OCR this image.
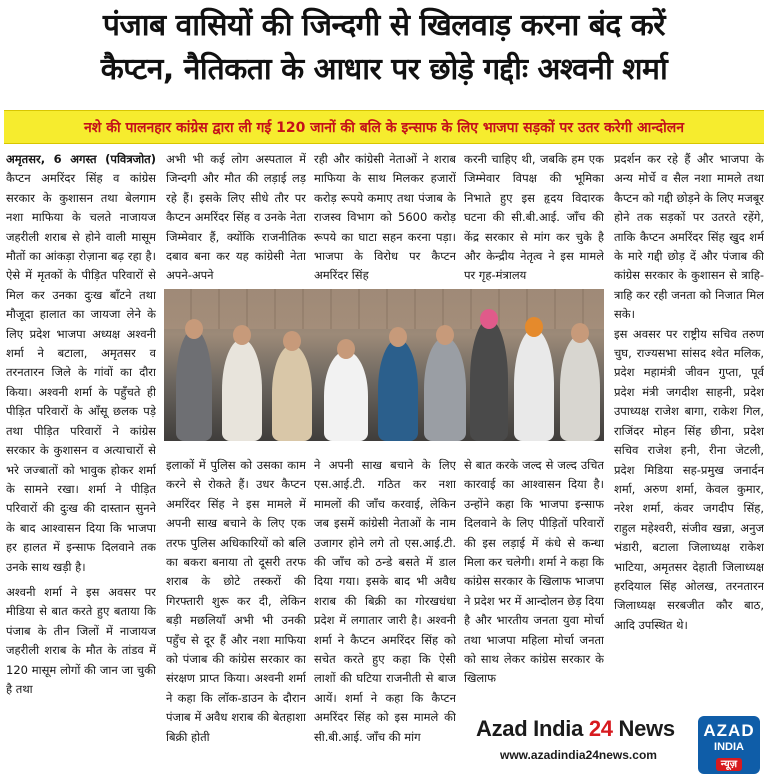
पंजाब वासियों की जिन्दगी से खिलवाड़ करना बंद करें
कैप्टन, नैतिकता के आधार पर छोड़े गद्दीः अश्वनी शर्मा
नशे की पालनहार कांग्रेस द्वारा ली गई 120 जानों की बलि के इन्साफ के लिए भाजपा सड़कों पर उतर करेगी आन्दोलन

अमृतसर, 6 अगस्त (पवित्रजोत) कैप्टन अमरिंदर सिंह व कांग्रेस सरकार के कुशासन तथा बेलगाम नशा माफिया के चलते नाजायज जहरीली शराब से होने वाली मासूम मौतों का आंकड़ा रोज़ाना बढ़ रहा है। ऐसे में मृतकों के पीड़ित परिवारों से मिल कर उनका दुःख बाँटने तथा मौजूदा हालात का जायजा लेने के लिए प्रदेश भाजपा अध्यक्ष अश्वनी शर्मा ने बटाला, अमृतसर व तरनतारन जिले के गांवों का दौरा किया। अश्वनी शर्मा के पहुँचते ही पीड़ित परिवारों के आँसू छलक पड़े तथा पीड़ित परिवारों ने कांग्रेस सरकार के कुशासन व अत्याचारों से भरे जज्बातों को भावुक होकर शर्मा के सामने रखा। शर्मा ने पीड़ित परिवारों की दुःख की दास्तान सुनने के बाद आश्वासन दिया कि भाजपा हर हालत में इन्साफ दिलवाने तक उनके साथ खड़ी है।

अश्वनी शर्मा ने इस अवसर पर मीडिया से बात करते हुए बताया कि पंजाब के तीन जिलों में नाजायज जहरीली शराब के मौत के तांडव में 120 मासूम लोगों की जान जा चुकी है तथा

अभी भी कई लोग अस्पताल में जिन्दगी और मौत की लड़ाई लड़ रहे हैं। इसके लिए सीधे तौर पर कैप्टन अमरिंदर सिंह व उनके नेता जिम्मेवार हैं, क्योंकि राजनीतिक दबाव बना कर यह कांग्रेसी नेता अपने-अपने
रही और कांग्रेसी नेताओं ने शराब माफिया के साथ मिलकर हजारों करोड़ रूपये कमाए तथा पंजाब के राजस्व विभाग को 5600 करोड़ रूपये का घाटा सहन करना पड़ा। भाजपा के विरोध पर कैप्टन अमरिंदर सिंह
करनी चाहिए थी, जबकि हम एक जिम्मेवार विपक्ष की भूमिका निभाते हुए इस हृदय विदारक घटना की सी.बी.आई. जाँच की केंद्र सरकार से मांग कर चुके है और केन्द्रीय नेतृत्व ने इस मामले पर गृह-मंत्रालय
इलाकों में पुलिस को उसका काम करने से रोकते हैं। उधर कैप्टन अमरिंदर सिंह ने इस मामले में अपनी साख बचाने के लिए एक तरफ पुलिस अधिकारियों को बलि का बकरा बनाया तो दूसरी तरफ शराब के छोटे तस्करों की गिरफ्तारी शुरू कर दी, लेकिन बड़ी मछलियाँ अभी भी उनकी पहुँच से दूर हैं और नशा माफिया को पंजाब की कांग्रेस सरकार का संरक्षण प्राप्त किया। अश्वनी शर्मा ने कहा कि लॉक-डाउन के दौरान पंजाब में अवैध शराब की बेतहाशा बिक्री होती
ने अपनी साख बचाने के लिए एस.आई.टी. गठित कर नशा मामलों की जाँच करवाई, लेकिन जब इसमें कांग्रेसी नेताओं के नाम उजागर होने लगे तो एस.आई.टी. की जाँच को ठन्डे बसते में डाल दिया गया। इसके बाद भी अवैध शराब की बिक्री का गोरखधंधा प्रदेश में लगातार जारी है। अश्वनी शर्मा ने कैप्टन अमरिंदर सिंह को सचेत करते हुए कहा कि ऐसी लाशों की घटिया राजनीती से बाज आयें। शर्मा ने कहा कि कैप्टन अमरिंदर सिंह को इस मामले की सी.बी.आई. जाँच की मांग
से बात करके जल्द से जल्द उचित कारवाई का आश्वासन दिया है। उन्होंने कहा कि भाजपा इन्साफ दिलवाने के लिए पीड़ितों परिवारों की इस लड़ाई में कंधे से कन्धा मिला कर चलेगी। शर्मा ने कहा कि कांग्रेस सरकार के खिलाफ भाजपा ने प्रदेश भर में आन्दोलन छेड़ दिया है और भारतीय जनता युवा मोर्चा तथा भाजपा महिला मोर्चा जनता को साथ लेकर कांग्रेस सरकार के खिलाफ

प्रदर्शन कर रहे हैं और भाजपा के अन्य मोर्चे व सैल नशा मामले तथा कैप्टन को गद्दी छोड़ने के लिए मजबूर होने तक सड़कों पर उतरते रहेंगे, ताकि कैप्टन अमरिंदर सिंह खुद शर्म के मारे गद्दी छोड़ दें और पंजाब की कांग्रेस सरकार के कुशासन से त्राहि-त्राहि कर रही जनता को निजात मिल सके।

इस अवसर पर राष्ट्रीय सचिव तरुण चुघ, राज्यसभा सांसद श्वेत मलिक, प्रदेश महामंत्री जीवन गुप्ता, पूर्व प्रदेश मंत्री जगदीश साहनी, प्रदेश उपाध्यक्ष राजेश बागा, राकेश गिल, राजिंदर मोहन सिंह छीना, प्रदेश सचिव राजेश हनी, रीना जेटली, प्रदेश मिडिया सह-प्रमुख जनार्दन शर्मा, अरुण शर्मा, केवल कुमार, नरेश शर्मा, कंवर जगदीप सिंह, राहुल महेश्वरी, संजीव खन्ना, अनुज भंडारी, बटाला जिलाध्यक्ष राकेश भाटिया, अमृतसर देहाती जिलाध्यक्ष हरदियाल सिंह ओलख, तरनतारन जिलाध्यक्ष सरबजीत कौर बाठ, आदि उपस्थित थे।

Azad India 24 News
www.azadindia24news.com
AZAD
INDIA
न्यूज़
